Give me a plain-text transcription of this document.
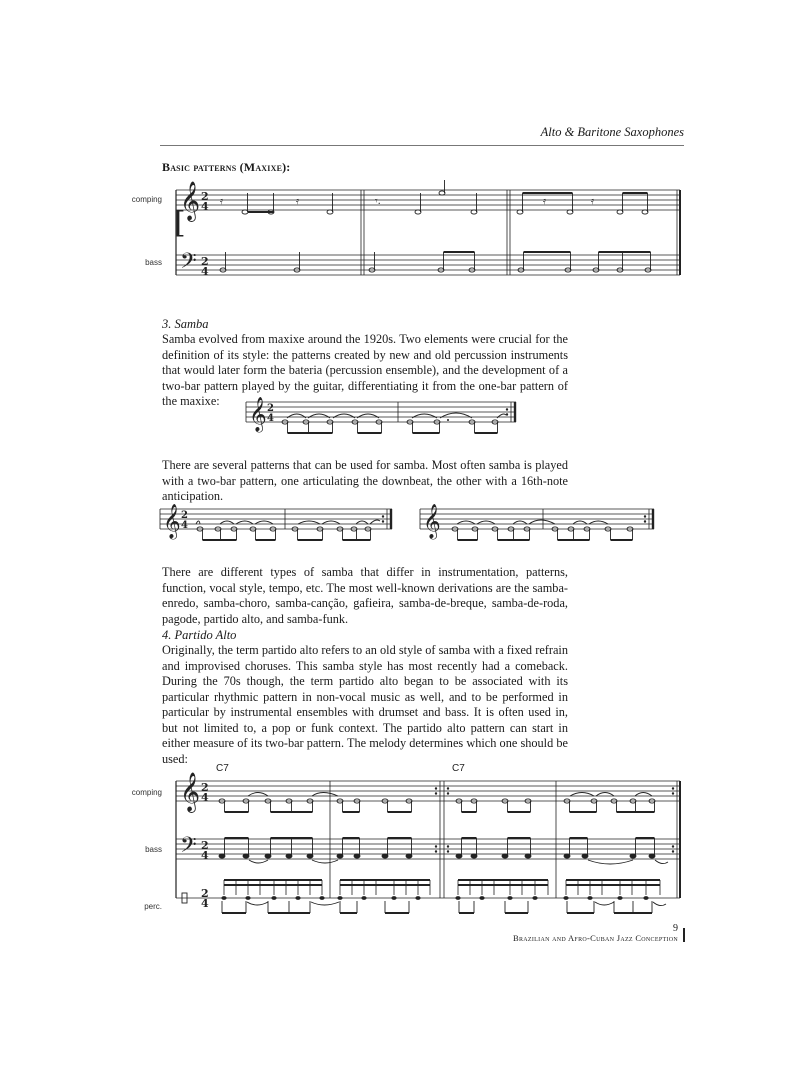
Alto & Baritone Saxophones
Basic patterns (Maxixe):
comping
bass
[
𝄞
𝄢
2
4
2
4
𝄿	𝄿	𝄾.	𝄿	𝄿
3. Samba
Samba evolved from maxixe around the 1920s. Two elements were crucial for the definition of its style: the patterns created by new and old percussion instruments that would later form the bateria (percussion ensemble), and the development of a two-bar pattern played by the guitar, differentiating it from the one-bar pattern of the maxixe: 𝄞 2
4
There are several patterns that can be used for samba. Most often samba is played with a two-bar pattern, one articulating the downbeat, the other with a 16th-note anticipation.
𝄞	𝄞
2
4
There are different types of samba that differ in instrumentation, patterns, function, vocal style, tempo, etc. The most well-known derivations are the samba-enredo, samba-choro, samba-canção, gafieira, samba-de-breque, samba-de-roda, pagode, partido alto, and samba-funk.
4. Partido Alto
Originally, the term partido alto refers to an old style of samba with a fixed refrain and improvised choruses. This samba style has most recently had a comeback. During the 70s though, the term partido alto began to be associated with its particular rhythmic pattern in non-vocal music as well, and to be performed in particular by instrumental ensembles with drumset and bass. It is often used in, but not limited to, a pop or funk context. The partido alto pattern can start in either measure of its two-bar pattern. The melody determines which one should be used:
C7	C7
comping
bass
perc.
𝄞
𝄢
2
4
2
4
2
4
9
Brazilian and Afro-Cuban Jazz Conception
